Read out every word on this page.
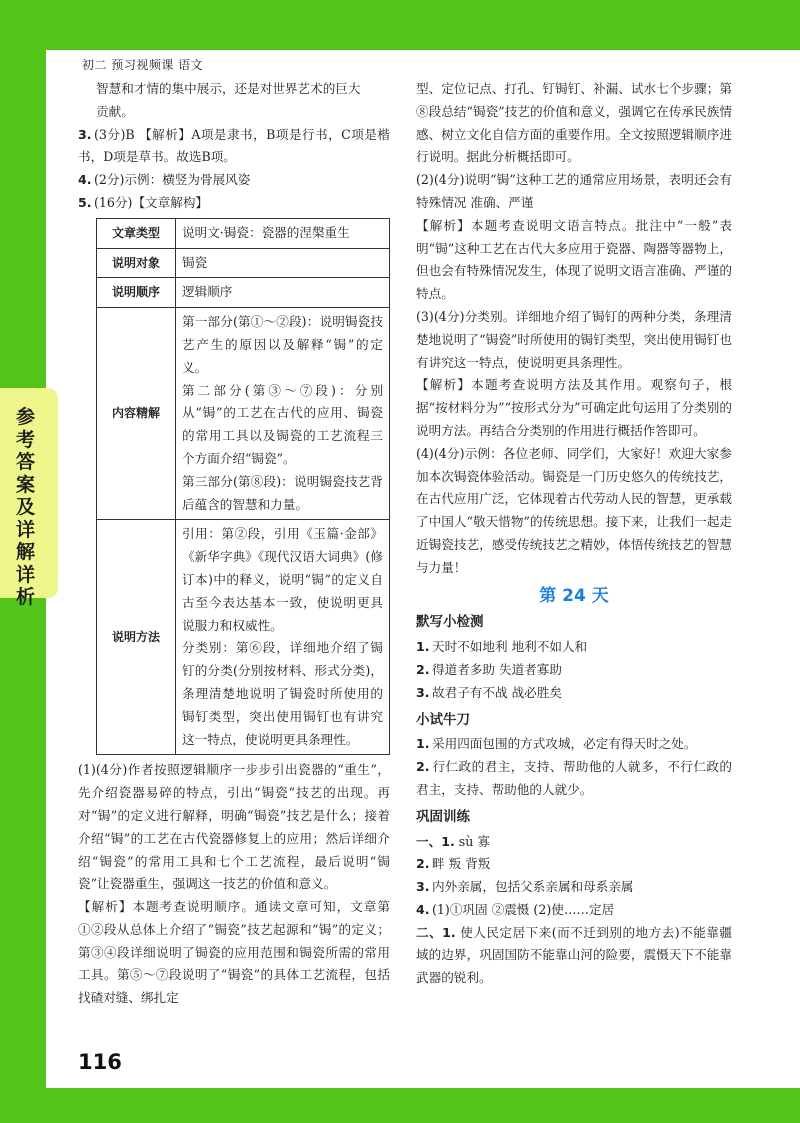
初二 预习视频课 语文
参考答案及详解详析

智慧和才情的集中展示，还是对世界艺术的巨大

贡献。

3. (3分)B 【解析】A项是隶书，B项是行书，C项是楷书，D项是草书。故选B项。

4. (2分)示例：横竖为骨展风姿

5. (16分)【文章解构】

文章类型	说明文·锔瓷：瓷器的涅槃重生
说明对象	锔瓷
说明顺序	逻辑顺序
内容精解	第一部分(第①～②段)：说明锔瓷技艺产生的原因以及解释“锔”的定义。
第二部分(第③～⑦段)：分别从“锔”的工艺在古代的应用、锔瓷的常用工具以及锔瓷的工艺流程三个方面介绍“锔瓷”。
第三部分(第⑧段)：说明锔瓷技艺背后蕴含的智慧和力量。

说明方法	引用：第②段，引用《玉篇·金部》《新华字典》《现代汉语大词典》(修订本)中的释义，说明“锔”的定义自古至今表达基本一致，使说明更具说服力和权威性。
分类别：第⑥段，详细地介绍了锔钉的分类(分别按材料、形式分类)，条理清楚地说明了锔瓷时所使用的锔钉类型，突出使用锔钉也有讲究这一特点，使说明更具条理性。

(1)(4分)作者按照逻辑顺序一步步引出瓷器的“重生”，先介绍瓷器易碎的特点，引出“锔瓷”技艺的出现。再对“锔”的定义进行解释，明确“锔瓷”技艺是什么；接着介绍“锔”的工艺在古代瓷器修复上的应用；然后详细介绍“锔瓷”的常用工具和七个工艺流程，最后说明“锔瓷”让瓷器重生，强调这一技艺的价值和意义。

【解析】本题考查说明顺序。通读文章可知，文章第①②段从总体上介绍了“锔瓷”技艺起源和“锔”的定义；第③④段详细说明了锔瓷的应用范围和锔瓷所需的常用工具。第⑤～⑦段说明了“锔瓷”的具体工艺流程，包括找碴对缝、绑扎定

型、定位记点、打孔、钉锔钉、补漏、试水七个步骤；第⑧段总结“锔瓷”技艺的价值和意义，强调它在传承民族情感、树立文化自信方面的重要作用。全文按照逻辑顺序进行说明。据此分析概括即可。

(2)(4分)说明“锔”这种工艺的通常应用场景，表明还会有特殊情况 准确、严谨

【解析】本题考查说明文语言特点。批注中“一般”表明“锔”这种工艺在古代大多应用于瓷器、陶器等器物上，但也会有特殊情况发生，体现了说明文语言准确、严谨的特点。

(3)(4分)分类别。详细地介绍了锔钉的两种分类，条理清楚地说明了“锔瓷”时所使用的锔钉类型，突出使用锔钉也有讲究这一特点，使说明更具条理性。

【解析】本题考查说明方法及其作用。观察句子，根据“按材料分为”“按形式分为”可确定此句运用了分类别的说明方法。再结合分类别的作用进行概括作答即可。

(4)(4分)示例：各位老师、同学们，大家好！欢迎大家参加本次锔瓷体验活动。锔瓷是一门历史悠久的传统技艺，在古代应用广泛，它体现着古代劳动人民的智慧，更承载了中国人“敬天惜物”的传统思想。接下来，让我们一起走近锔瓷技艺，感受传统技艺之精妙，体悟传统技艺的智慧与力量！

第 24 天
默写小检测

1. 天时不如地利 地利不如人和

2. 得道者多助 失道者寡助

3. 故君子有不战 战必胜矣

小试牛刀

1. 采用四面包围的方式攻城，必定有得天时之处。

2. 行仁政的君主，支持、帮助他的人就多，不行仁政的君主，支持、帮助他的人就少。

巩固训练

一、1. sù 寡

2. 畔 叛 背叛

3. 内外亲属，包括父系亲属和母系亲属

4. (1)①巩固 ②震慑 (2)使……定居

二、1. 使人民定居下来(而不迁到别的地方去)不能靠疆域的边界，巩固国防不能靠山河的险要，震慑天下不能靠武器的锐利。

116
